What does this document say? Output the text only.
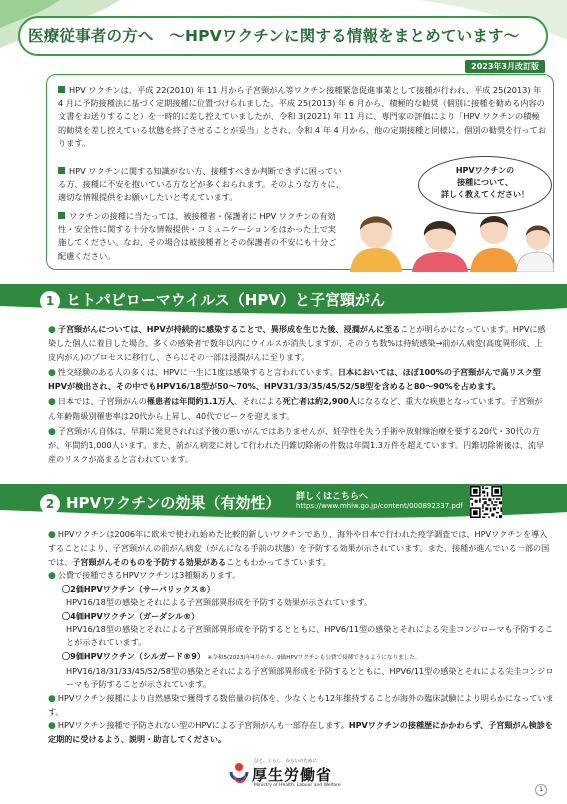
医療従事者の方へ　～HPVワクチンに関する情報をまとめています～
2023年3月改訂版
HPV ワクチンは、平成 22(2010) 年 11 月から子宮頸がん等ワクチン接種緊急促進事業として接種が行われ、平成 25(2013) 年 4 月に予防接種法に基づく定期接種に位置づけられました。平成 25(2013) 年 6 月から、積極的な勧奨（個別に接種を勧める内容の文書をお送りすること）を一時的に差し控えていましたが、令和 3(2021) 年 11 月に、専門家の評価により「HPV ワクチンの積極的勧奨を差し控えている状態を終了させることが妥当」とされ、令和 4 年 4 月から、他の定期接種と同様に、個別の勧奨を行っております。
HPV ワクチンに関する知識がない方、接種すべきか判断できずに困っている方、接種に不安を抱いている方などが多くおられます。そのような方々に、適切な情報提供をお願いしたいと考えています。
ワクチンの接種に当たっては、被接種者・保護者に HPV ワクチンの有効性・安全性に関する十分な情報提供・コミュニケーションをはかった上で実施してください。なお、その場合は被接種者とその保護者の不安にも十分ご配慮ください。
HPVワクチンの
接種について、
詳しく教えてください！
1 ヒトパピローマウイルス（HPV）と子宮頸がん
● 子宮頸がんについては、HPVが持続的に感染することで、異形成を生じた後、浸潤がんに至ることが明らかになっています。HPVに感染した個人に着目した場合、多くの感染者で数年以内にウイルスが消失しますが、そのうち数%は持続感染→前がん病変(高度異形成、上皮内がん)のプロセスに移行し、さらにその一部は浸潤がんに至ります。
● 性交経験のある人の多くは、HPVに一生に1度は感染すると言われています。日本においては、ほぼ100%の子宮頸がんで高リスク型HPVが検出され、その中でもHPV16/18型が50～70%、HPV31/33/35/45/52/58型を含めると80～90%を占めます。
● 日本では、子宮頸がんの罹患者は年間約1.1万人、それによる死亡者は約2,900人になるなど、重大な疾患となっています。子宮頸がん年齢階級別罹患率は20代から上昇し、40代でピークを迎えます。
● 子宮頸がん自体は、早期に発見されれば予後の悪いがんではありませんが、妊孕性を失う手術や放射線治療を要する20代・30代の方が、年間約1,000人います。また、前がん病変に対して行われた円錐切除術の件数は年間1.3万件を超えています。円錐切除術後は、流早産のリスクが高まると言われています。
2 HPVワクチンの効果（有効性） 詳しくはこちらへ
https://www.mhlw.go.jp/content/000892337.pdf
● HPVワクチンは2006年に欧米で使われ始めた比較的新しいワクチンであり、海外や日本で行われた疫学調査では、HPVワクチンを導入することにより、子宮頸がんの前がん病変（がんになる手前の状態）を予防する効果が示されています。また、接種が進んでいる一部の国では、子宮頸がんそのものを予防する効果があることもわかってきています。
● 公費で接種できるHPVワクチンは3種類あります。
〇2価HPVワクチン（サーバリックス®）
HPV16/18型の感染とそれによる子宮頸部異形成を予防する効果が示されています。
〇4価HPVワクチン（ガーダシル®）
HPV16/18型の感染とそれによる子宮頸部異形成を予防するとともに、HPV6/11型の感染とそれによる尖圭コンジローマも予防することが示されています。
〇9価HPVワクチン（シルガード®9） ※令和5(2023)年4月から、9価HPVワクチンも公費で接種できるようになりました。
HPV16/18/31/33/45/52/58型の感染とそれによる子宮頸部異形成を予防するとともに、HPV6/11型の感染とそれによる尖圭コンジローマも予防することが示されています。
● HPVワクチン接種により自然感染で獲得する数倍量の抗体を、少なくとも12年維持することが海外の臨床試験により明らかになっています。
● HPVワクチン接種で予防されない型のHPVによる子宮頸がんも一部存在します。HPVワクチンの接種歴にかかわらず、子宮頸がん検診を定期的に受けるよう、説明・助言してください。
ひと、くらし、みらいのために
厚生労働省
Ministry of Health, Labour and Welfare
1
